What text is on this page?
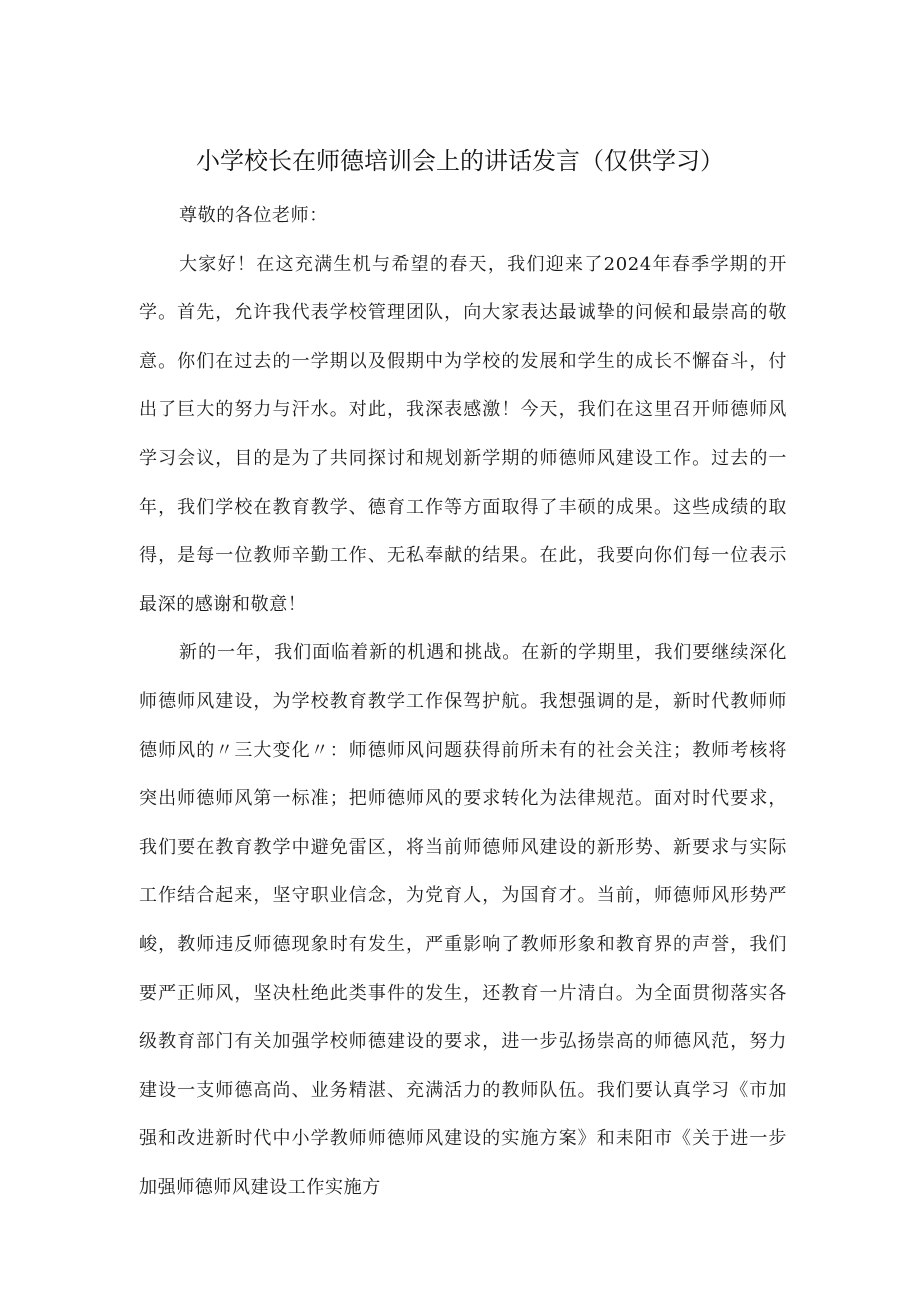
小学校长在师德培训会上的讲话发言（仅供学习）

尊敬的各位老师：

大家好！在这充满生机与希望的春天，我们迎来了2024年春季学期的开学。首先，允许我代表学校管理团队，向大家表达最诚挚的问候和最崇高的敬意。你们在过去的一学期以及假期中为学校的发展和学生的成长不懈奋斗，付出了巨大的努力与汗水。对此，我深表感激！今天，我们在这里召开师德师风学习会议，目的是为了共同探讨和规划新学期的师德师风建设工作。过去的一年，我们学校在教育教学、德育工作等方面取得了丰硕的成果。这些成绩的取得，是每一位教师辛勤工作、无私奉献的结果。在此，我要向你们每一位表示最深的感谢和敬意！

新的一年，我们面临着新的机遇和挑战。在新的学期里，我们要继续深化师德师风建设，为学校教育教学工作保驾护航。我想强调的是，新时代教师师德师风的〃三大变化〃：师德师风问题获得前所未有的社会关注；教师考核将突出师德师风第一标准；把师德师风的要求转化为法律规范。面对时代要求，我们要在教育教学中避免雷区，将当前师德师风建设的新形势、新要求与实际工作结合起来，坚守职业信念，为党育人，为国育才。当前，师德师风形势严峻，教师违反师德现象时有发生，严重影响了教师形象和教育界的声誉，我们要严正师风，坚决杜绝此类事件的发生，还教育一片清白。为全面贯彻落实各级教育部门有关加强学校师德建设的要求，进一步弘扬崇高的师德风范，努力建设一支师德高尚、业务精湛、充满活力的教师队伍。我们要认真学习《市加强和改进新时代中小学教师师德师风建设的实施方案》和耒阳市《关于进一步加强师德师风建设工作实施方
